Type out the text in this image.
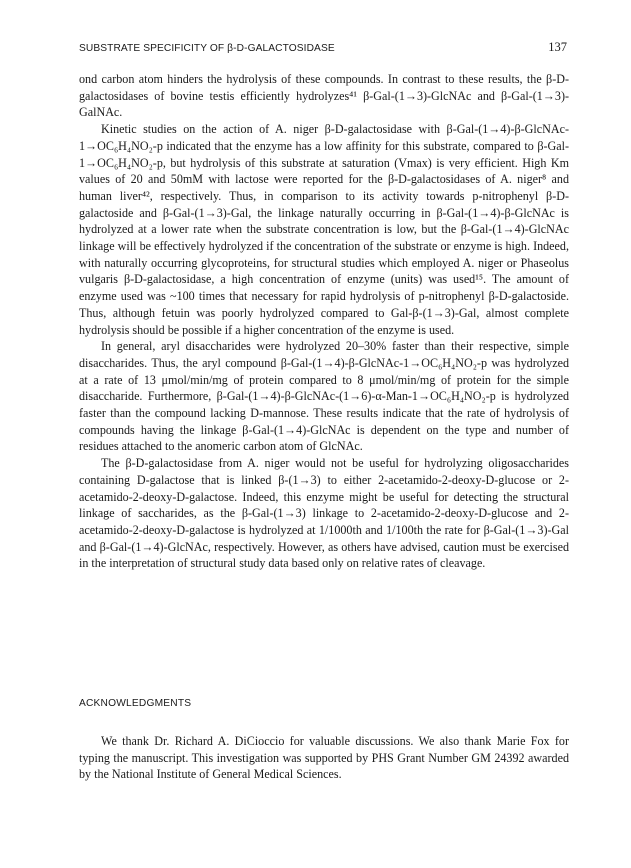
SUBSTRATE SPECIFICITY OF β-D-GALACTOSIDASE	137

ond carbon atom hinders the hydrolysis of these compounds. In contrast to these results, the β-D-galactosidases of bovine testis efficiently hydrolyzes⁴¹ β-Gal-(1→3)-GlcNAc and β-Gal-(1→3)-GalNAc.

Kinetic studies on the action of A. niger β-D-galactosidase with β-Gal-(1→4)-β-GlcNAc-1→OC₆H₄NO₂-p indicated that the enzyme has a low affinity for this substrate, compared to β-Gal-1→OC₆H₄NO₂-p, but hydrolysis of this substrate at saturation (Vmax) is very efficient. High Km values of 20 and 50mM with lactose were reported for the β-D-galactosidases of A. niger⁸ and human liver⁴², respectively. Thus, in comparison to its activity towards p-nitrophenyl β-D-galactoside and β-Gal-(1→3)-Gal, the linkage naturally occurring in β-Gal-(1→4)-β-GlcNAc is hydrolyzed at a lower rate when the substrate concentration is low, but the β-Gal-(1→4)-GlcNAc linkage will be effectively hydrolyzed if the concentration of the substrate or enzyme is high. Indeed, with naturally occurring glycoproteins, for structural studies which employed A. niger or Phaseolus vulgaris β-D-galactosidase, a high concentration of enzyme (units) was used¹⁵. The amount of enzyme used was ~100 times that necessary for rapid hydrolysis of p-nitrophenyl β-D-galactoside. Thus, although fetuin was poorly hydrolyzed compared to Gal-β-(1→3)-Gal, almost complete hydrolysis should be possible if a higher concentration of the enzyme is used.

In general, aryl disaccharides were hydrolyzed 20–30% faster than their respective, simple disaccharides. Thus, the aryl compound β-Gal-(1→4)-β-GlcNAc-1→OC₆H₄NO₂-p was hydrolyzed at a rate of 13 μmol/min/mg of protein compared to 8 μmol/min/mg of protein for the simple disaccharide. Furthermore, β-Gal-(1→4)-β-GlcNAc-(1→6)-α-Man-1→OC₆H₄NO₂-p is hydrolyzed faster than the compound lacking D-mannose. These results indicate that the rate of hydrolysis of compounds having the linkage β-Gal-(1→4)-GlcNAc is dependent on the type and number of residues attached to the anomeric carbon atom of GlcNAc.

The β-D-galactosidase from A. niger would not be useful for hydrolyzing oligosaccharides containing D-galactose that is linked β-(1→3) to either 2-acetamido-2-deoxy-D-glucose or 2-acetamido-2-deoxy-D-galactose. Indeed, this enzyme might be useful for detecting the structural linkage of saccharides, as the β-Gal-(1→3) linkage to 2-acetamido-2-deoxy-D-glucose and 2-acetamido-2-deoxy-D-galactose is hydrolyzed at 1/1000th and 1/100th the rate for β-Gal-(1→3)-Gal and β-Gal-(1→4)-GlcNAc, respectively. However, as others have advised, caution must be exercised in the interpretation of structural study data based only on relative rates of cleavage.

ACKNOWLEDGMENTS

We thank Dr. Richard A. DiCioccio for valuable discussions. We also thank Marie Fox for typing the manuscript. This investigation was supported by PHS Grant Number GM 24392 awarded by the National Institute of General Medical Sciences.
